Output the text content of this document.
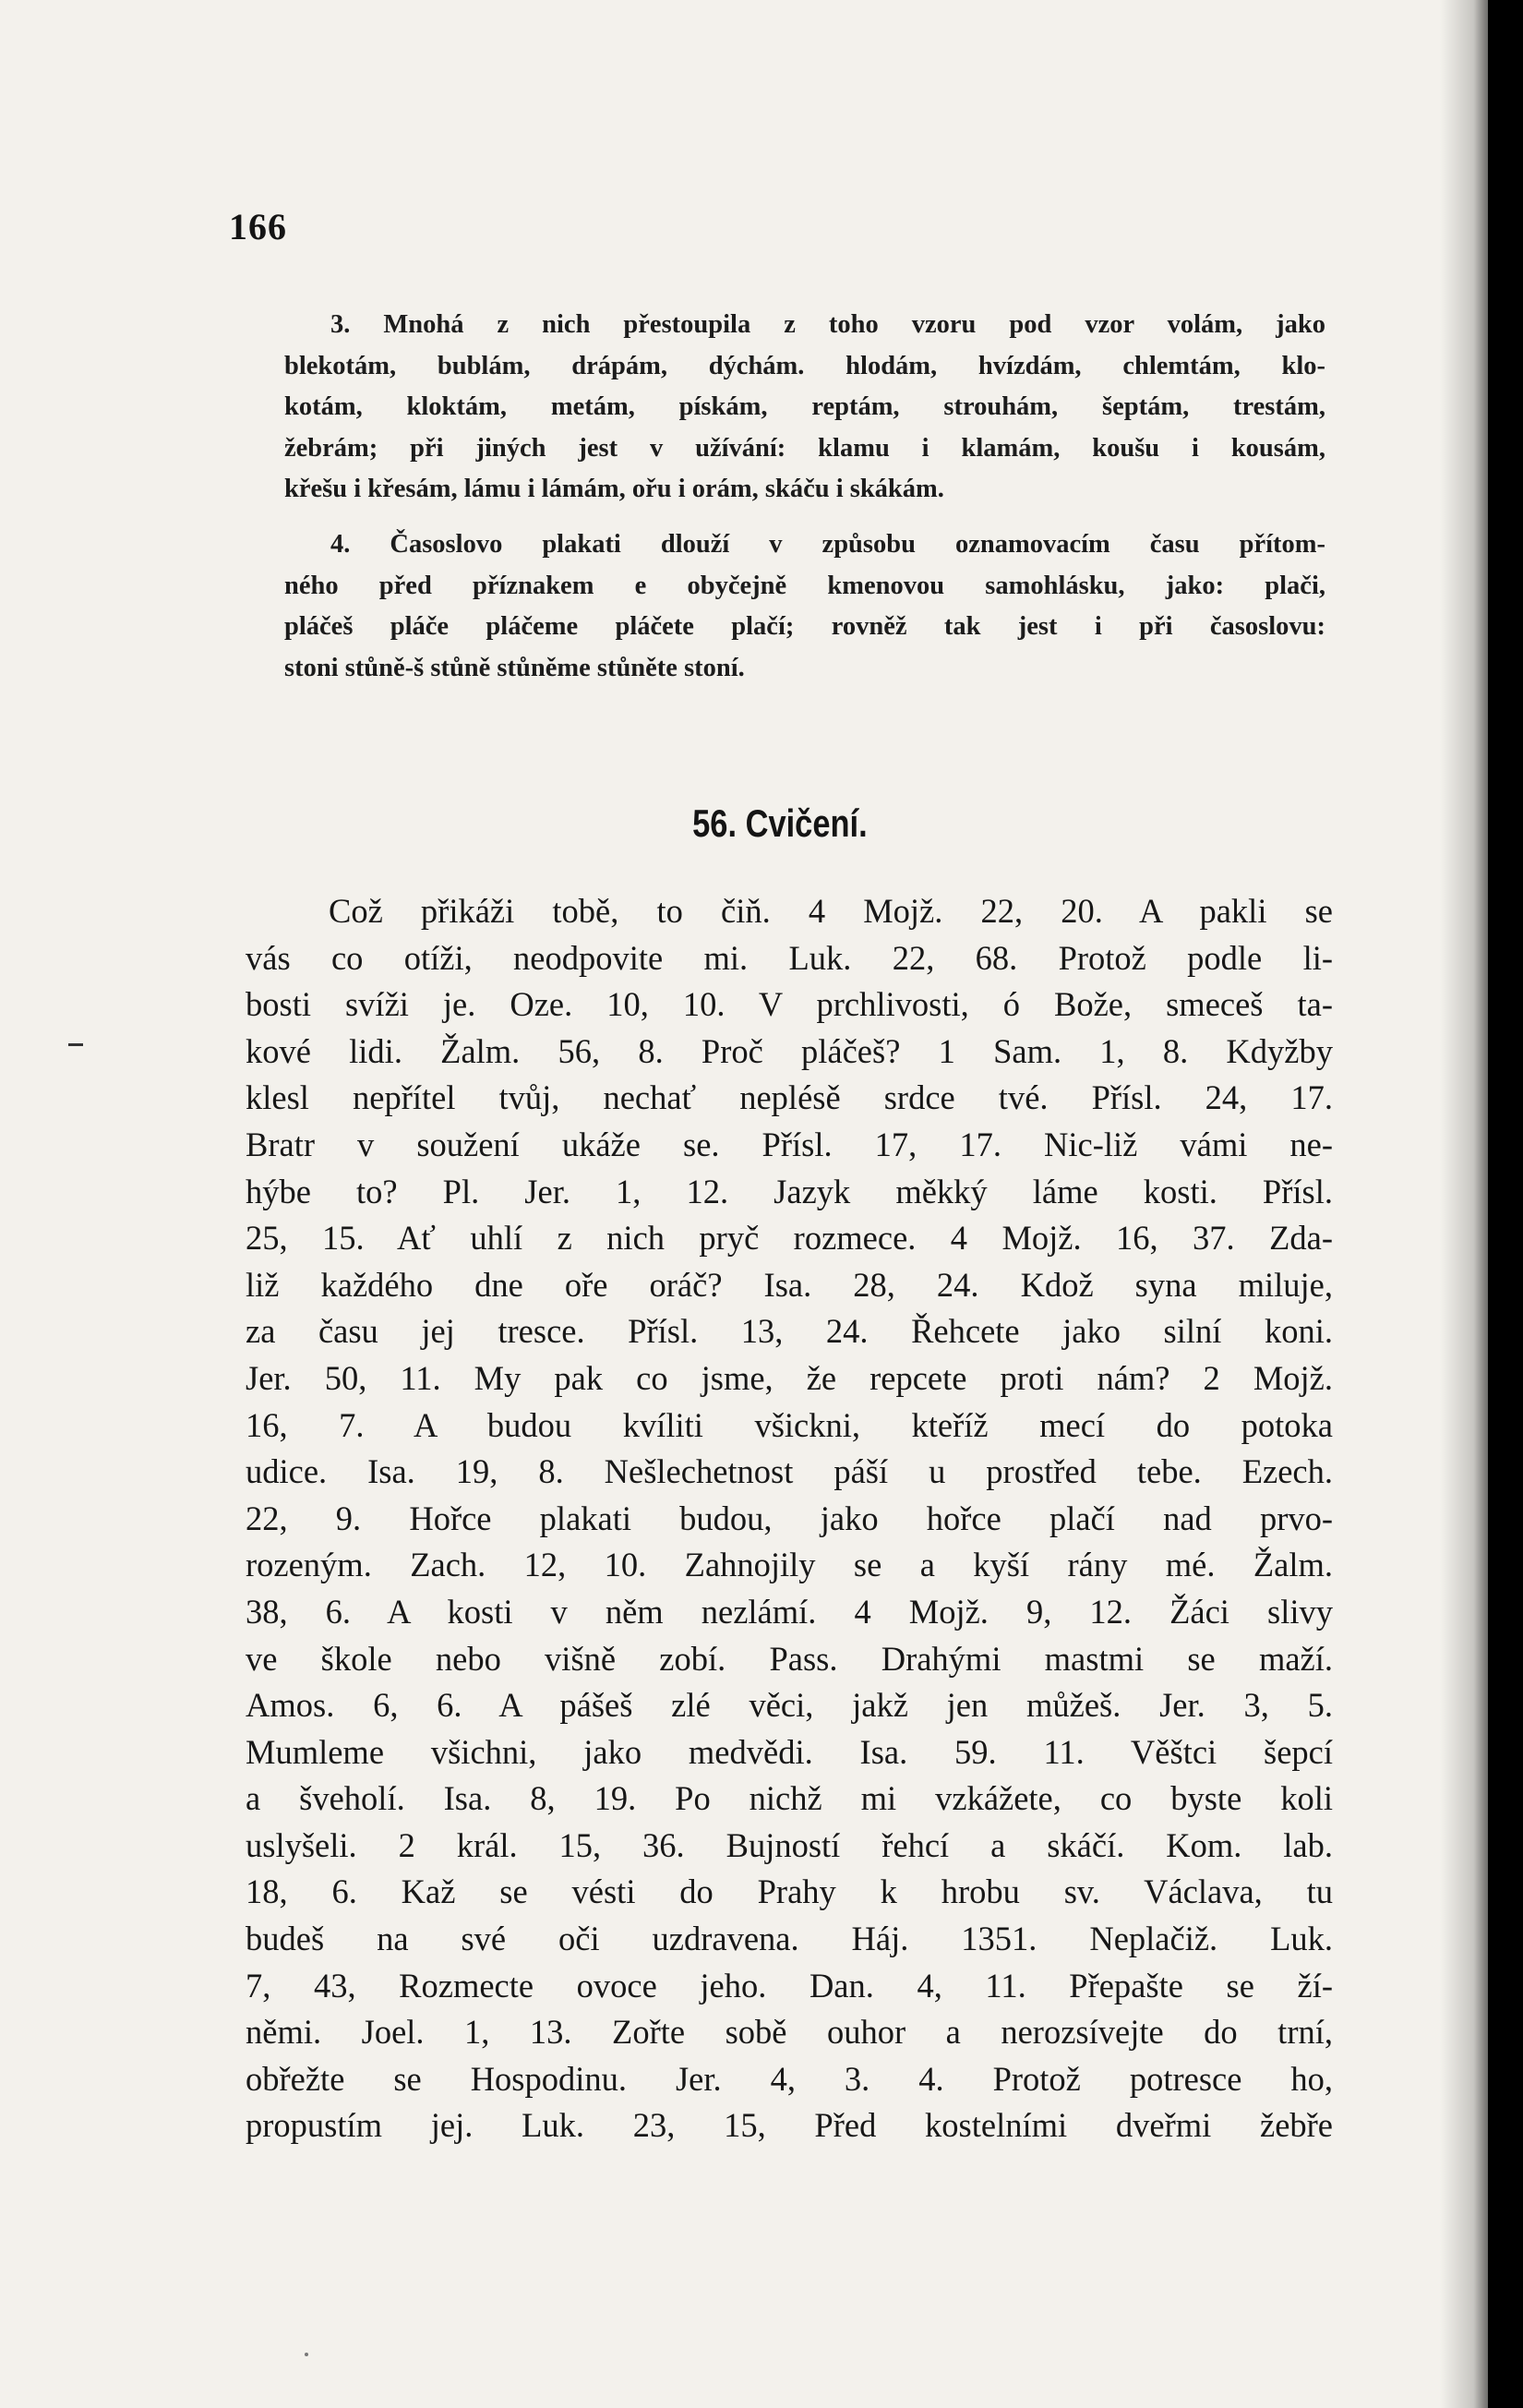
166
3. Mnohá z nich přestoupila z toho vzoru pod vzor volám, jako
blekotám, bublám, drápám, dýchám. hlodám, hvízdám, chlemtám, klo-
kotám, kloktám, metám, pískám, reptám, strouhám, šeptám, trestám,
žebrám; při jiných jest v užívání: klamu i klamám, koušu i kousám,
křešu i křesám, lámu i lámám, ořu i orám, skáču i skákám.
4. Časoslovo plakati dlouží v způsobu oznamovacím času přítom-
ného před příznakem e obyčejně kmenovou samohlásku, jako: plači,
pláčeš pláče pláčeme pláčete plačí; rovněž tak jest i při časoslovu:
stoni stůně-š stůně stůněme stůněte stoní.
56. Cvičení.
Což přikáži tobě, to čiň. 4 Mojž. 22, 20. A pakli se
vás co otíži, neodpovite mi. Luk. 22, 68. Protož podle li-
bosti svíži je. Oze. 10, 10. V prchlivosti, ó Bože, smeceš ta-
kové lidi. Žalm. 56, 8. Proč pláčeš? 1 Sam. 1, 8. Kdyžby
klesl nepřítel tvůj, nechať neplésě srdce tvé. Přísl. 24, 17.
Bratr v soužení ukáže se. Přísl. 17, 17. Nic-liž vámi ne-
hýbe to? Pl. Jer. 1, 12. Jazyk měkký láme kosti. Přísl.
25, 15. Ať uhlí z nich pryč rozmece. 4 Mojž. 16, 37. Zda-
liž každého dne oře oráč? Isa. 28, 24. Kdož syna miluje,
za času jej tresce. Přísl. 13, 24. Řehcete jako silní koni.
Jer. 50, 11. My pak co jsme, že repcete proti nám? 2 Mojž.
16, 7. A budou kvíliti všickni, kteříž mecí do potoka
udice. Isa. 19, 8. Nešlechetnost páší u prostřed tebe. Ezech.
22, 9. Hořce plakati budou, jako hořce plačí nad prvo-
rozeným. Zach. 12, 10. Zahnojily se a kyší rány mé. Žalm.
38, 6. A kosti v něm nezlámí. 4 Mojž. 9, 12. Žáci slivy
ve škole nebo višně zobí. Pass. Drahými mastmi se maží.
Amos. 6, 6. A pášeš zlé věci, jakž jen můžeš. Jer. 3, 5.
Mumleme všichni, jako medvědi. Isa. 59. 11. Věštci šepcí
a šveholí. Isa. 8, 19. Po nichž mi vzkážete, co byste koli
uslyšeli. 2 král. 15, 36. Bujností řehcí a skáčí. Kom. lab.
18, 6. Kaž se vésti do Prahy k hrobu sv. Václava, tu
budeš na své oči uzdravena. Háj. 1351. Neplačiž. Luk.
7, 43, Rozmecte ovoce jeho. Dan. 4, 11. Přepašte se ží-
němi. Joel. 1, 13. Zořte sobě ouhor a nerozsívejte do trní,
obřežte se Hospodinu. Jer. 4, 3. 4. Protož potresce ho,
propustím jej. Luk. 23, 15, Před kostelními dveřmi žebře
